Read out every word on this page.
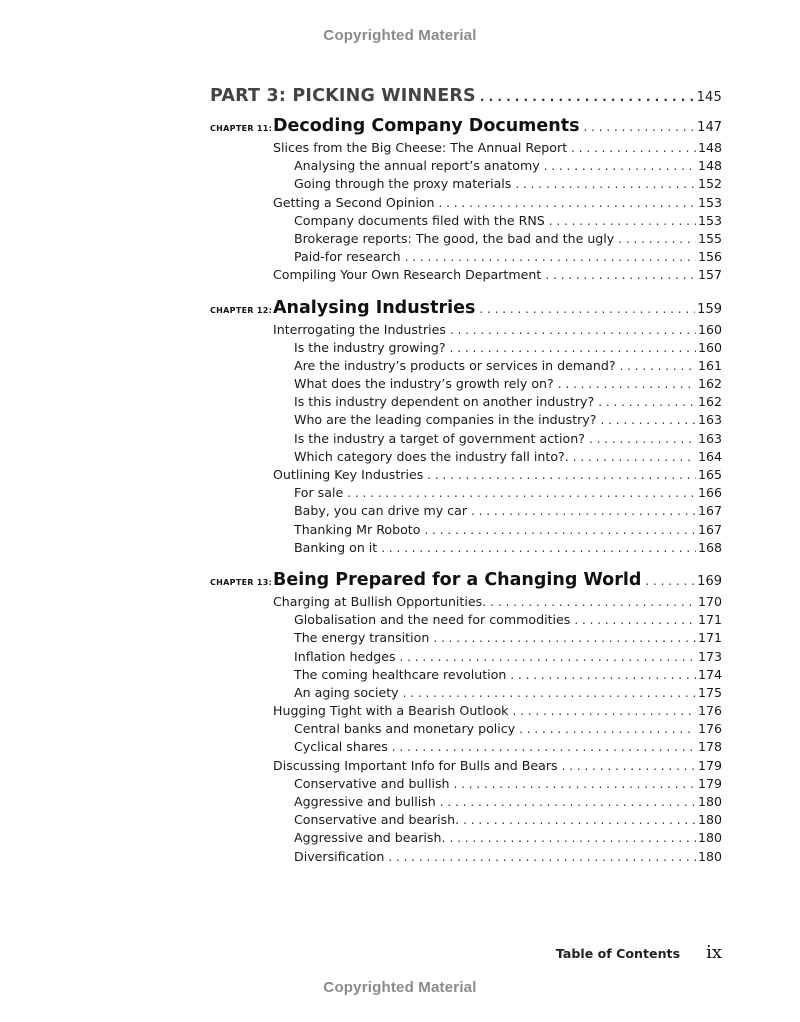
Copyrighted Material
PART 3: PICKING WINNERS . . .	145
CHAPTER 11: Decoding Company Documents . . .	147
Slices from the Big Cheese: The Annual Report . . .	148
Analysing the annual report’s anatomy . . .	148
Going through the proxy materials . . .	152
Getting a Second Opinion . . .	153
Company documents filed with the RNS . . .	153
Brokerage reports: The good, the bad and the ugly . . .	155
Paid-for research . . .	156
Compiling Your Own Research Department . . .	157
CHAPTER 12: Analysing Industries . . .	159
Interrogating the Industries . . .	160
Is the industry growing? . . .	160
Are the industry’s products or services in demand? . . .	161
What does the industry’s growth rely on? . . .	162
Is this industry dependent on another industry? . . .	162
Who are the leading companies in the industry? . . .	163
Is the industry a target of government action? . . .	163
Which category does the industry fall into?. . . .	164
Outlining Key Industries . . .	165
For sale . . .	166
Baby, you can drive my car . . .	167
Thanking Mr Roboto . . .	167
Banking on it . . .	168
CHAPTER 13: Being Prepared for a Changing World . . .	169
Charging at Bullish Opportunities. . . .	170
Globalisation and the need for commodities . . .	171
The energy transition . . .	171
Inflation hedges . . .	173
The coming healthcare revolution . . .	174
An aging society . . .	175
Hugging Tight with a Bearish Outlook . . .	176
Central banks and monetary policy . . .	176
Cyclical shares . . .	178
Discussing Important Info for Bulls and Bears . . .	179
Conservative and bullish . . .	179
Aggressive and bullish . . .	180
Conservative and bearish. . . .	180
Aggressive and bearish. . . .	180
Diversification . . .	180
Table of Contents ix
Copyrighted Material
